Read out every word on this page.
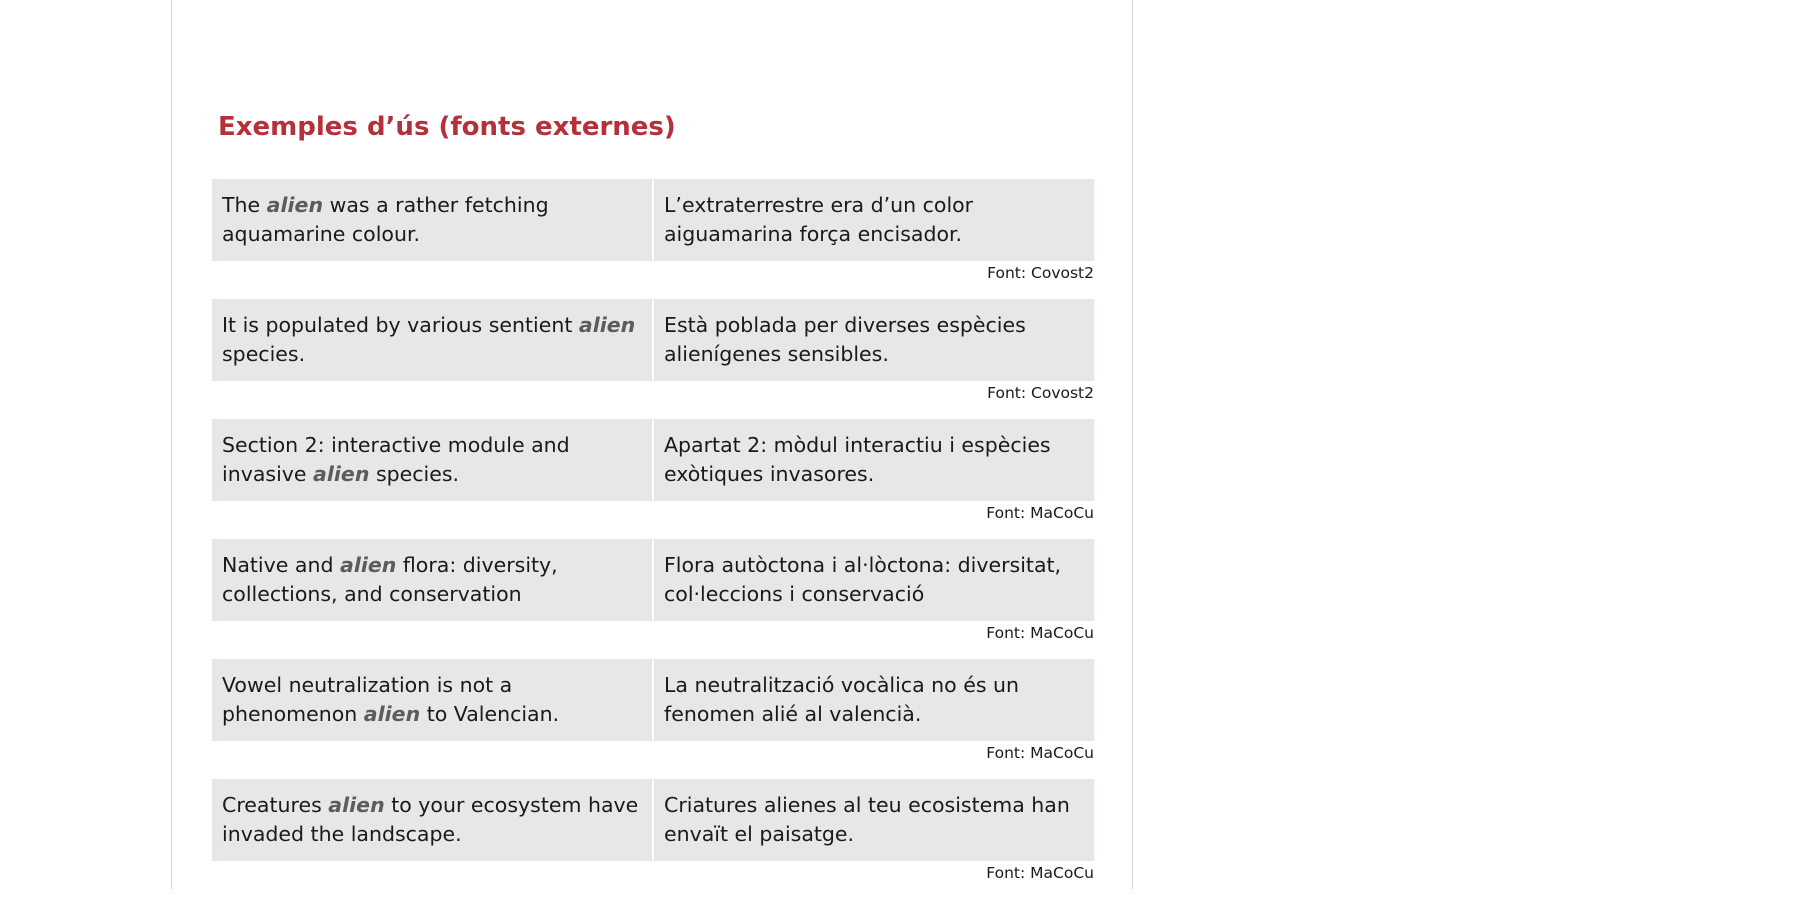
Exemples d’ús (fonts externes)
The alien was a rather fetching aquamarine colour.
L’extraterrestre era d’un color aiguamarina força encisador.
Font: Covost2
It is populated by various sentient alien species.
Està poblada per diverses espècies alienígenes sensibles.
Font: Covost2
Section 2: interactive module and invasive alien species.
Apartat 2: mòdul interactiu i espècies exòtiques invasores.
Font: MaCoCu
Native and alien flora: diversity, collections, and conservation
Flora autòctona i al·lòctona: diversitat, col·leccions i conservació
Font: MaCoCu
Vowel neutralization is not a phenomenon alien to Valencian.
La neutralització vocàlica no és un fenomen alié al valencià.
Font: MaCoCu
Creatures alien to your ecosystem have invaded the landscape.
Criatures alienes al teu ecosistema han envaït el paisatge.
Font: MaCoCu
